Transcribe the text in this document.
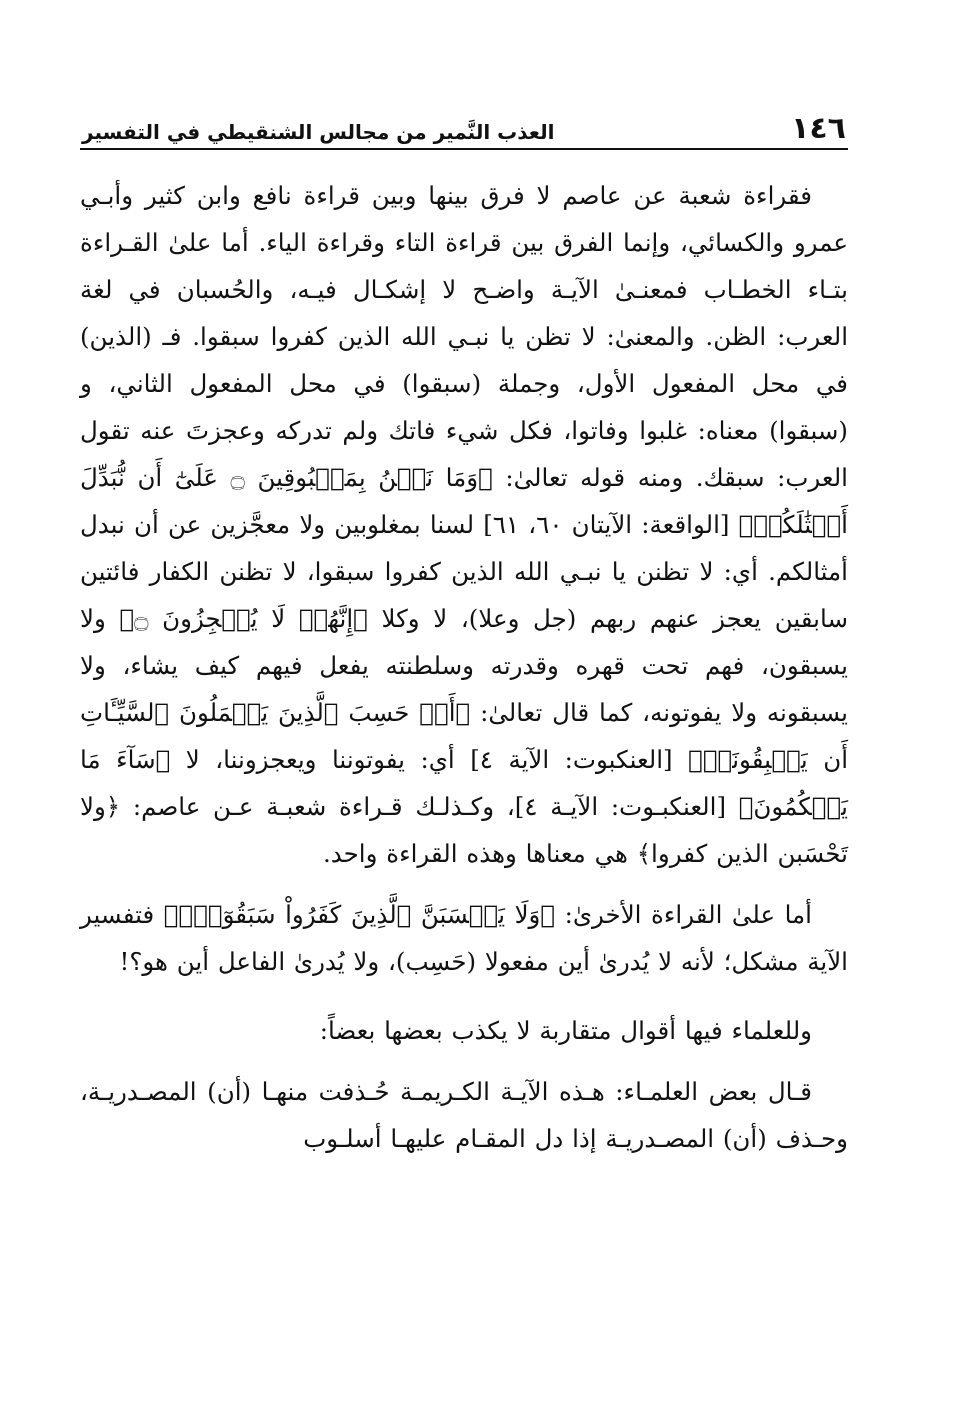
١٤٦
العذب النَّمير من مجالس الشنقيطي في التفسير

فقراءة شعبة عن عاصم لا فرق بينها وبين قراءة نافع وابن كثير وأبـي عمرو والكسائي، وإنما الفرق بين قراءة التاء وقراءة الياء. أما علىٰ القـراءة بتـاء الخطـاب فمعنـىٰ الآيـة واضـح لا إشكـال فيـه، والحُسبان في لغة العرب: الظن. والمعنىٰ: لا تظن يا نبـي الله الذين كفروا سبقوا. فـ (الذين) في محل المفعول الأول، وجملة (سبقوا) في محل المفعول الثاني، و (سبقوا) معناه: غلبوا وفاتوا، فكل شيء فاتك ولم تدركه وعجزتَ عنه تقول العرب: سبقك. ومنه قوله تعالىٰ: ﴿وَمَا نَحۡنُ بِمَسۡبُوقِينَ ۝ عَلَىٰٓ أَن نُّبَدِّلَ أَمۡثَٰلَكُمۡ﴾ [الواقعة: الآيتان ٦٠، ٦١] لسنا بمغلوبين ولا معجَّزين عن أن نبدل أمثالكم. أي: لا تظنن يا نبـي الله الذين كفروا سبقوا، لا تظنن الكفار فائتين سابقين يعجز عنهم ربهم (جل وعلا)، لا وكلا ﴿إِنَّهُمۡ لَا يُعۡجِزُونَ ۝﴾ ولا يسبقون، فهم تحت قهره وقدرته وسلطنته يفعل فيهم كيف يشاء، ولا يسبقونه ولا يفوتونه، كما قال تعالىٰ: ﴿أَمۡ حَسِبَ ٱلَّذِينَ يَعۡمَلُونَ ٱلسَّيِّـَٔاتِ أَن يَسۡبِقُونَاۚ﴾ [العنكبوت: الآية ٤] أي: يفوتوننا ويعجزوننا، لا ﴿سَآءَ مَا يَحۡكُمُونَ﴾ [العنكبـوت: الآيـة ٤]، وكـذلـك قـراءة شعبـة عـن عاصم: ﴿ولا تَحْسَبن الذين كفروا﴾ هي معناها وهذه القراءة واحد.

أما علىٰ القراءة الأخرىٰ: ﴿وَلَا يَحۡسَبَنَّ ٱلَّذِينَ كَفَرُواْ سَبَقُوٓاْۚ﴾ فتفسير الآية مشكل؛ لأنه لا يُدرىٰ أين مفعولا (حَسِب)، ولا يُدرىٰ الفاعل أين هو؟!

وللعلماء فيها أقوال متقاربة لا يكذب بعضها بعضاً:

قـال بعض العلمـاء: هـذه الآيـة الكـريمـة حُـذفت منهـا (أن) المصـدريـة، وحـذف (أن) المصـدريـة إذا دل المقـام عليهـا أسلـوب
